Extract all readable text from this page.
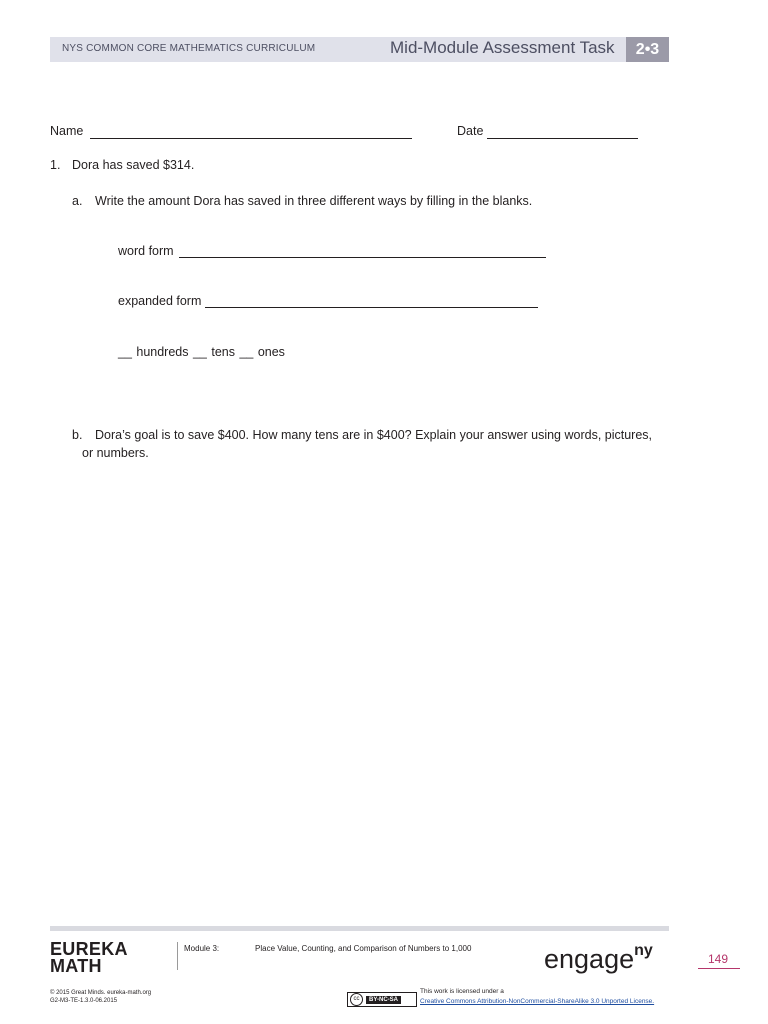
NYS COMMON CORE MATHEMATICS CURRICULUM	Mid-Module Assessment Task	2•3
Name	Date
1. Dora has saved $314.
a. Write the amount Dora has saved in three different ways by filling in the blanks.
word form
expanded form
__ hundreds __ tens __ ones
b. Dora’s goal is to save $400. How many tens are in $400? Explain your answer using words, pictures,
or numbers.
EUREKA
MATH
Module 3:	Place Value, Counting, and Comparison of Numbers to 1,000	engage$^{ny}$	149
© 2015 Great Minds. eureka-math.org
G2-M3-TE-1.3.0-06.2015	cc	BY-NC-SA
This work is licensed under a
Creative Commons Attribution-NonCommercial-ShareAlike 3.0 Unported License.
